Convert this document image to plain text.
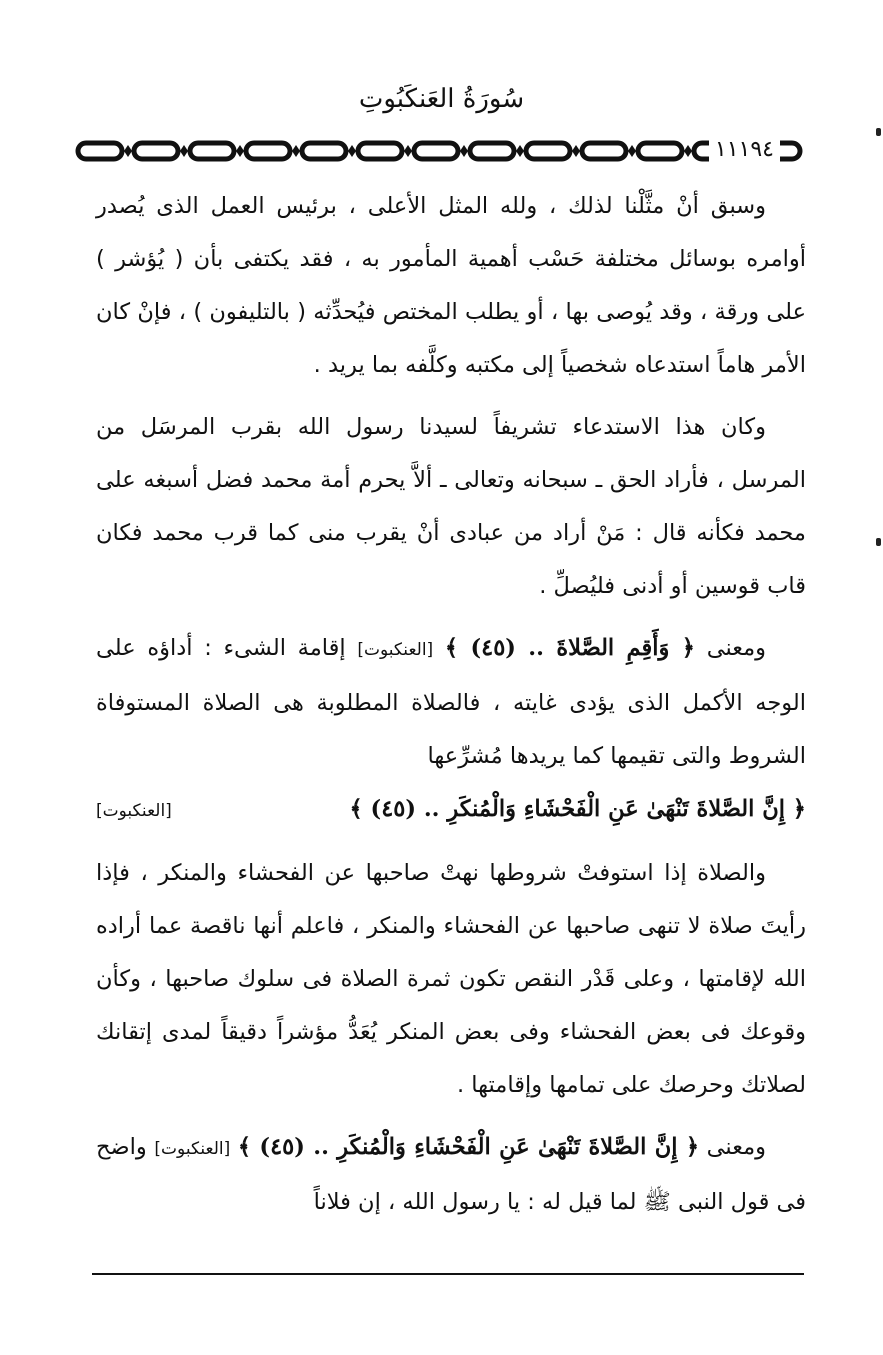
سُورَةُ العَنكَبُوتِ
١١١٩٤

وسبق أنْ مثَّلْنا لذلك ، ولله المثل الأعلى ، برئيس العمل الذى يُصدر أوامره بوسائل مختلفة حَسْب أهمية المأمور به ، فقد يكتفى بأن ( يُؤشر ) على ورقة ، وقد يُوصى بها ، أو يطلب المختص فيُحدِّثه ( بالتليفون ) ، فإنْ كان الأمر هاماً استدعاه شخصياً إلى مكتبه وكلَّفه بما يريد .

وكان هذا الاستدعاء تشريفاً لسيدنا رسول الله بقرب المرسَل من المرسل ، فأراد الحق ـ سبحانه وتعالى ـ ألاَّ يحرم أمة محمد فضل أسبغه على محمد فكأنه قال : مَنْ أراد من عبادى أنْ يقرب منى كما قرب محمد فكان قاب قوسين أو أدنى فليُصلِّ .

ومعنى ﴿ وَأَقِمِ الصَّلاةَ .. (٤٥) ﴾ [العنكبوت] إقامة الشىء : أداؤه على الوجه الأكمل الذى يؤدى غايته ، فالصلاة المطلوبة هى الصلاة المستوفاة الشروط والتى تقيمها كما يريدها مُشرِّعها
﴿ إِنَّ الصَّلاةَ تَنْهَىٰ عَنِ الْفَحْشَاءِ وَالْمُنكَرِ .. (٤٥) ﴾
[العنكبوت]

والصلاة إذا استوفتْ شروطها نهتْ صاحبها عن الفحشاء والمنكر ، فإذا رأيتَ صلاة لا تنهى صاحبها عن الفحشاء والمنكر ، فاعلم أنها ناقصة عما أراده الله لإقامتها ، وعلى قَدْر النقص تكون ثمرة الصلاة فى سلوك صاحبها ، وكأن وقوعك فى بعض الفحشاء وفى بعض المنكر يُعَدُّ مؤشراً دقيقاً لمدى إتقانك لصلاتك وحرصك على تمامها وإقامتها .

ومعنى ﴿ إِنَّ الصَّلاةَ تَنْهَىٰ عَنِ الْفَحْشَاءِ وَالْمُنكَرِ .. (٤٥) ﴾ [العنكبوت] واضح فى قول النبى ﷺ لما قيل له : يا رسول الله ، إن فلاناً
